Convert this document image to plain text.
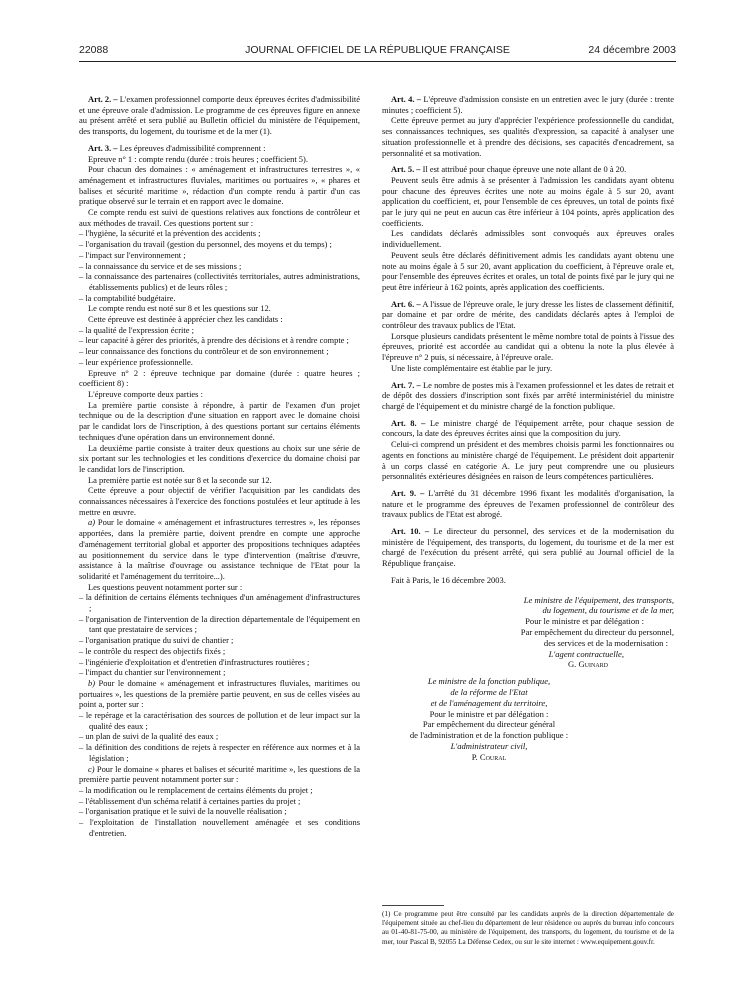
22088	JOURNAL OFFICIEL DE LA RÉPUBLIQUE FRANÇAISE	24 décembre 2003

Art. 2. – L'examen professionnel comporte deux épreuves écrites d'admissibilité et une épreuve orale d'admission. Le programme de ces épreuves figure en annexe au présent arrêté et sera publié au Bulletin officiel du ministère de l'équipement, des transports, du logement, du tourisme et de la mer (1).

Art. 3. – Les épreuves d'admissibilité comprennent :

Epreuve n° 1 : compte rendu (durée : trois heures ; coefficient 5).

Pour chacun des domaines : « aménagement et infrastructures terrestres », « aménagement et infrastructures fluviales, maritimes ou portuaires », « phares et balises et sécurité maritime », rédaction d'un compte rendu à partir d'un cas pratique observé sur le terrain et en rapport avec le domaine.

Ce compte rendu est suivi de questions relatives aux fonctions de contrôleur et aux méthodes de travail. Ces questions portent sur :

– l'hygiène, la sécurité et la prévention des accidents ;

– l'organisation du travail (gestion du personnel, des moyens et du temps) ;

– l'impact sur l'environnement ;

– la connaissance du service et de ses missions ;

– la connaissance des partenaires (collectivités territoriales, autres administrations, établissements publics) et de leurs rôles ;

– la comptabilité budgétaire.

Le compte rendu est noté sur 8 et les questions sur 12.

Cette épreuve est destinée à apprécier chez les candidats :

– la qualité de l'expression écrite ;

– leur capacité à gérer des priorités, à prendre des décisions et à rendre compte ;

– leur connaissance des fonctions du contrôleur et de son environnement ;

– leur expérience professionnelle.

Epreuve n° 2 : épreuve technique par domaine (durée : quatre heures ; coefficient 8) :

L'épreuve comporte deux parties :

La première partie consiste à répondre, à partir de l'examen d'un projet technique ou de la description d'une situation en rapport avec le domaine choisi par le candidat lors de l'inscription, à des questions portant sur certains éléments techniques d'une opération dans un environnement donné.

La deuxième partie consiste à traiter deux questions au choix sur une série de six portant sur les technologies et les conditions d'exercice du domaine choisi par le candidat lors de l'inscription.

La première partie est notée sur 8 et la seconde sur 12.

Cette épreuve a pour objectif de vérifier l'acquisition par les candidats des connaissances nécessaires à l'exercice des fonctions postulées et leur aptitude à les mettre en œuvre.

a) Pour le domaine « aménagement et infrastructures terrestres », les réponses apportées, dans la première partie, doivent prendre en compte une approche d'aménagement territorial global et apporter des propositions techniques adaptées au positionnement du service dans le type d'intervention (maîtrise d'œuvre, assistance à la maîtrise d'ouvrage ou assistance technique de l'Etat pour la solidarité et l'aménagement du territoire...).

Les questions peuvent notamment porter sur :

– la définition de certains éléments techniques d'un aménagement d'infrastructures ;

– l'organisation de l'intervention de la direction départementale de l'équipement en tant que prestataire de services ;

– l'organisation pratique du suivi de chantier ;

– le contrôle du respect des objectifs fixés ;

– l'ingénierie d'exploitation et d'entretien d'infrastructures routières ;

– l'impact du chantier sur l'environnement ;

b) Pour le domaine « aménagement et infrastructures fluviales, maritimes ou portuaires », les questions de la première partie peuvent, en sus de celles visées au point a, porter sur :

– le repérage et la caractérisation des sources de pollution et de leur impact sur la qualité des eaux ;

– un plan de suivi de la qualité des eaux ;

– la définition des conditions de rejets à respecter en référence aux normes et à la législation ;

c) Pour le domaine « phares et balises et sécurité maritime », les questions de la première partie peuvent notamment porter sur :

– la modification ou le remplacement de certains éléments du projet ;

– l'établissement d'un schéma relatif à certaines parties du projet ;

– l'organisation pratique et le suivi de la nouvelle réalisation ;

– l'exploitation de l'installation nouvellement aménagée et ses conditions d'entretien.

Art. 4. – L'épreuve d'admission consiste en un entretien avec le jury (durée : trente minutes ; coefficient 5).

Cette épreuve permet au jury d'apprécier l'expérience professionnelle du candidat, ses connaissances techniques, ses qualités d'expression, sa capacité à analyser une situation professionnelle et à prendre des décisions, ses capacités d'encadrement, sa personnalité et sa motivation.

Art. 5. – Il est attribué pour chaque épreuve une note allant de 0 à 20.

Peuvent seuls être admis à se présenter à l'admission les candidats ayant obtenu pour chacune des épreuves écrites une note au moins égale à 5 sur 20, avant application du coefficient, et, pour l'ensemble de ces épreuves, un total de points fixé par le jury qui ne peut en aucun cas être inférieur à 104 points, après application des coefficients.

Les candidats déclarés admissibles sont convoqués aux épreuves orales individuellement.

Peuvent seuls être déclarés définitivement admis les candidats ayant obtenu une note au moins égale à 5 sur 20, avant application du coefficient, à l'épreuve orale et, pour l'ensemble des épreuves écrites et orales, un total de points fixé par le jury qui ne peut être inférieur à 162 points, après application des coefficients.

Art. 6. – A l'issue de l'épreuve orale, le jury dresse les listes de classement définitif, par domaine et par ordre de mérite, des candidats déclarés aptes à l'emploi de contrôleur des travaux publics de l'Etat.

Lorsque plusieurs candidats présentent le même nombre total de points à l'issue des épreuves, priorité est accordée au candidat qui a obtenu la note la plus élevée à l'épreuve n° 2 puis, si nécessaire, à l'épreuve orale.

Une liste complémentaire est établie par le jury.

Art. 7. – Le nombre de postes mis à l'examen professionnel et les dates de retrait et de dépôt des dossiers d'inscription sont fixés par arrêté interministériel du ministre chargé de l'équipement et du ministre chargé de la fonction publique.

Art. 8. – Le ministre chargé de l'équipement arrête, pour chaque session de concours, la date des épreuves écrites ainsi que la composition du jury.

Celui-ci comprend un président et des membres choisis parmi les fonctionnaires ou agents en fonctions au ministère chargé de l'équipement. Le président doit appartenir à un corps classé en catégorie A. Le jury peut comprendre une ou plusieurs personnalités extérieures désignées en raison de leurs compétences particulières.

Art. 9. – L'arrêté du 31 décembre 1996 fixant les modalités d'organisation, la nature et le programme des épreuves de l'examen professionnel de contrôleur des travaux publics de l'Etat est abrogé.

Art. 10. – Le directeur du personnel, des services et de la modernisation du ministère de l'équipement, des transports, du logement, du tourisme et de la mer est chargé de l'exécution du présent arrêté, qui sera publié au Journal officiel de la République française.

Fait à Paris, le 16 décembre 2003.

Le ministre de l'équipement, des transports,
du logement, du tourisme et de la mer,
Pour le ministre et par délégation :
Par empêchement du directeur du personnel,
des services et de la modernisation :
L'agent contractuelle,
G. Guinard
Le ministre de la fonction publique,
de la réforme de l'Etat
et de l'aménagement du territoire,
Pour le ministre et par délégation :
Par empêchement du directeur général
de l'administration et de la fonction publique :
L'administrateur civil,
P. Coural
(1) Ce programme peut être consulté par les candidats auprès de la direction départementale de l'équipement située au chef-lieu du département de leur résidence ou auprès du bureau info concours au 01-40-81-75-00, au ministère de l'équipement, des transports, du logement, du tourisme et de la mer, tour Pascal B, 92055 La Défense Cedex, ou sur le site internet : www.equipement.gouv.fr.
